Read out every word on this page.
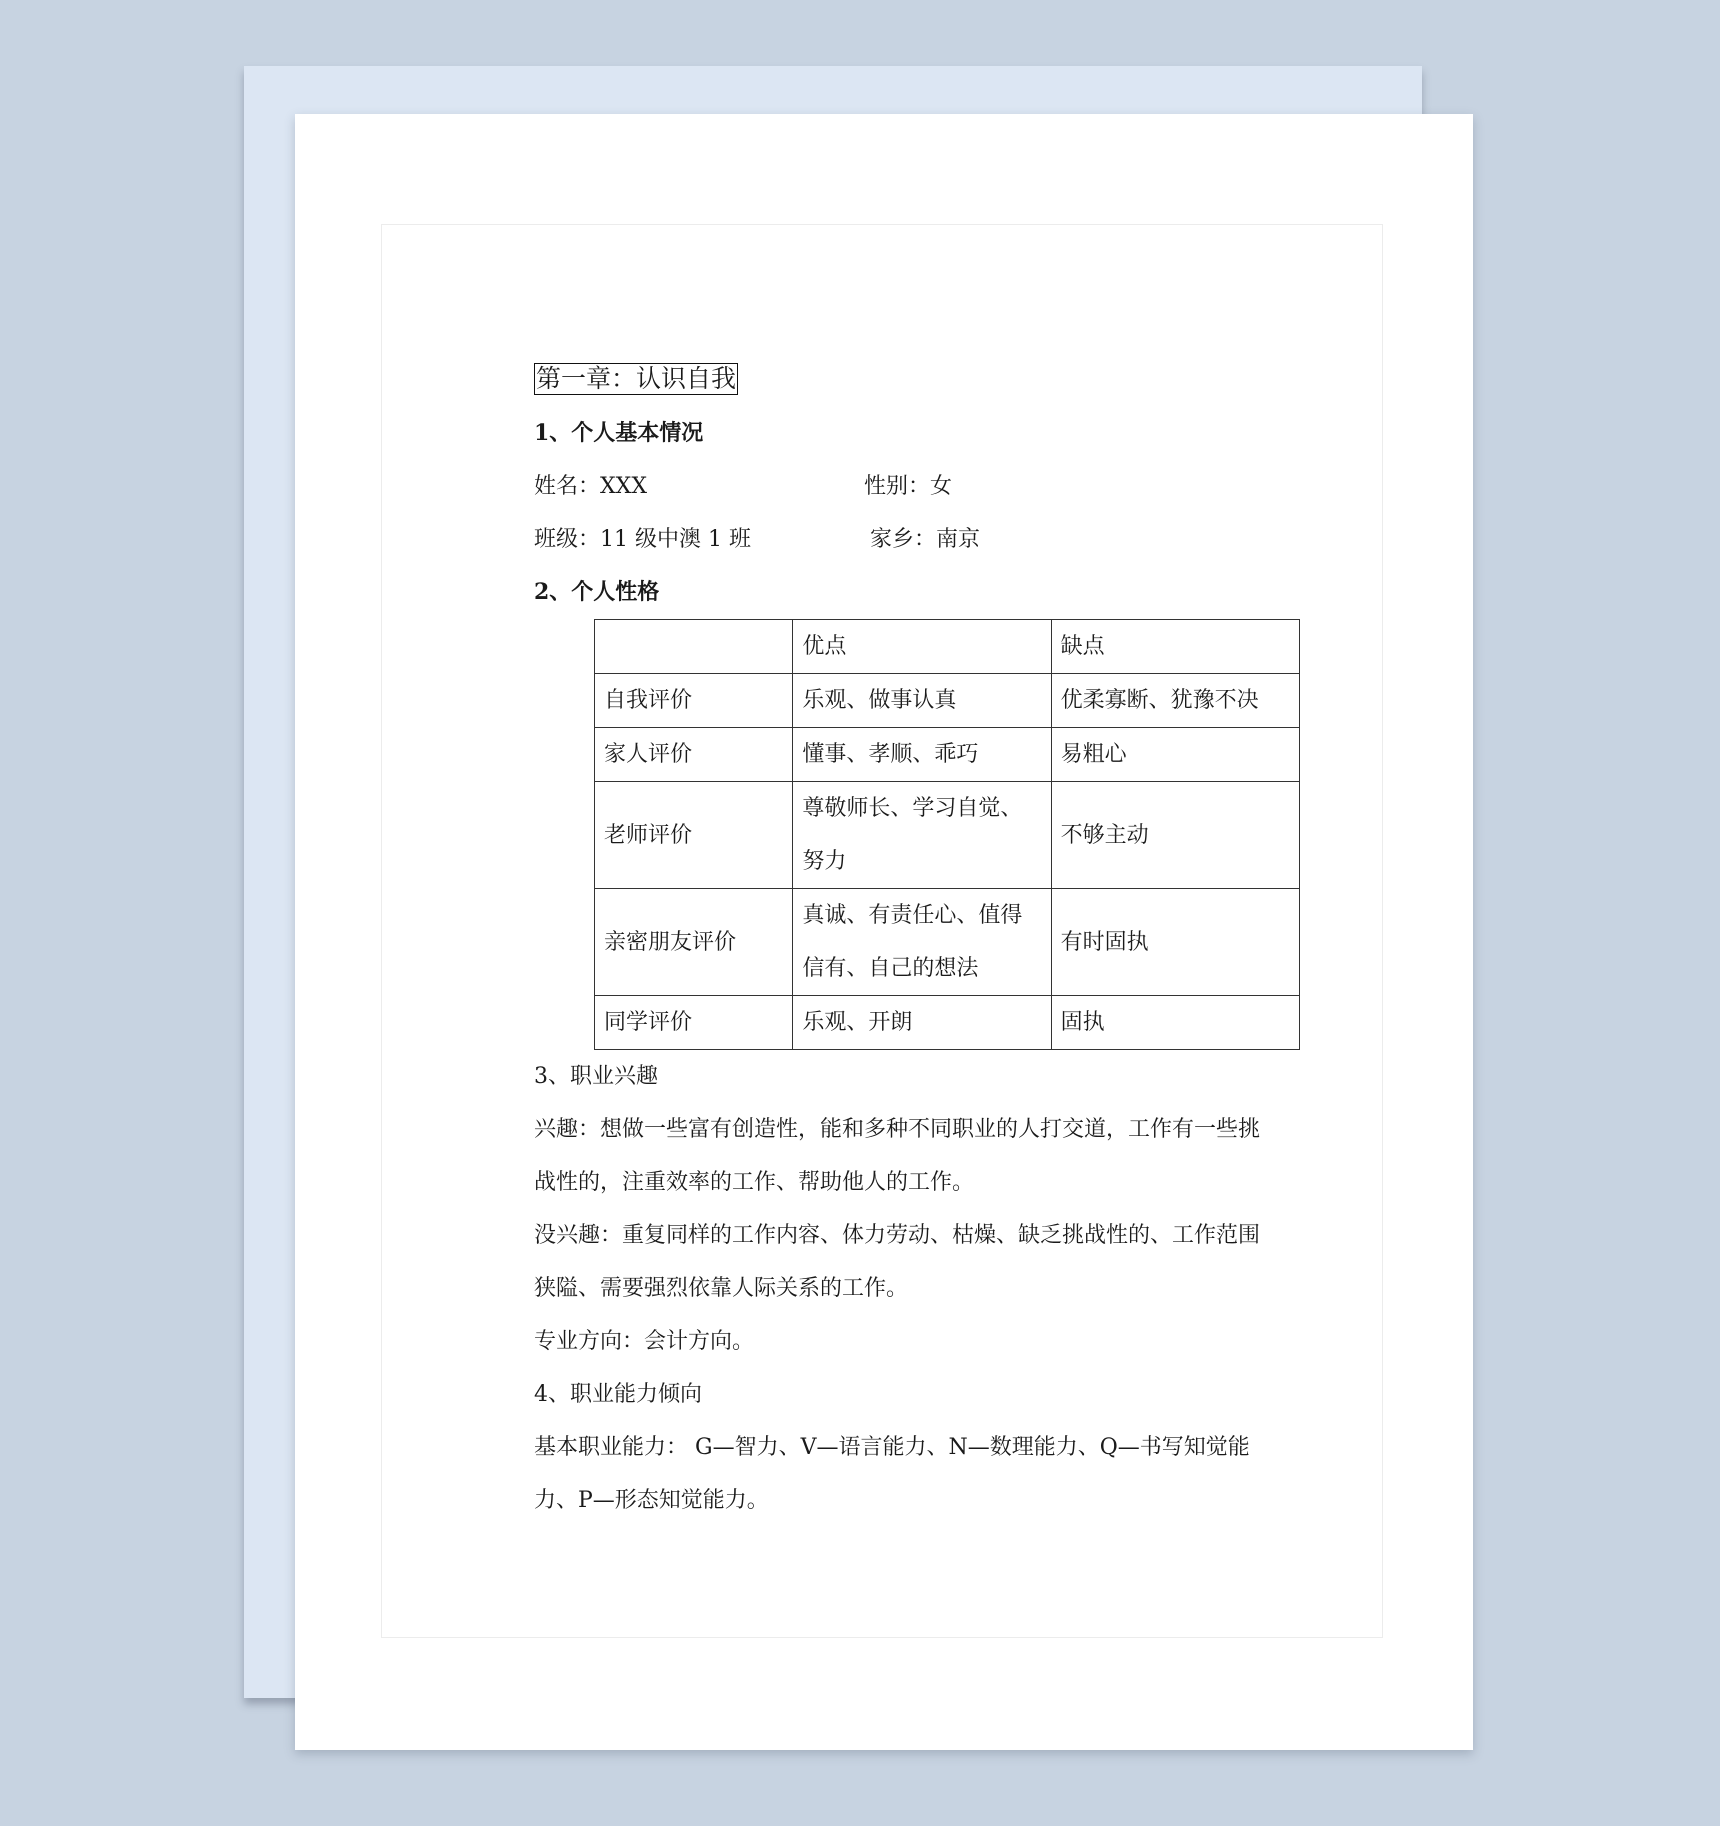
第一章：认识自我

1、个人基本情况

姓名：XXX	性别：女

班级：11 级中澳 1 班	家乡：南京

2、个人性格

	优点	缺点
自我评价	乐观、做事认真	优柔寡断、犹豫不决
家人评价	懂事、孝顺、乖巧	易粗心
老师评价	尊敬师长、学习自觉、努力	不够主动
亲密朋友评价	真诚、有责任心、值得信有、自己的想法	有时固执
同学评价	乐观、开朗	固执

3、职业兴趣

兴趣：想做一些富有创造性，能和多种不同职业的人打交道，工作有一些挑战性的，注重效率的工作、帮助他人的工作。

没兴趣：重复同样的工作内容、体力劳动、枯燥、缺乏挑战性的、工作范围狭隘、需要强烈依靠人际关系的工作。

专业方向：会计方向。

4、职业能力倾向

基本职业能力： G—智力、V—语言能力、N—数理能力、Q—书写知觉能力、P—形态知觉能力。
